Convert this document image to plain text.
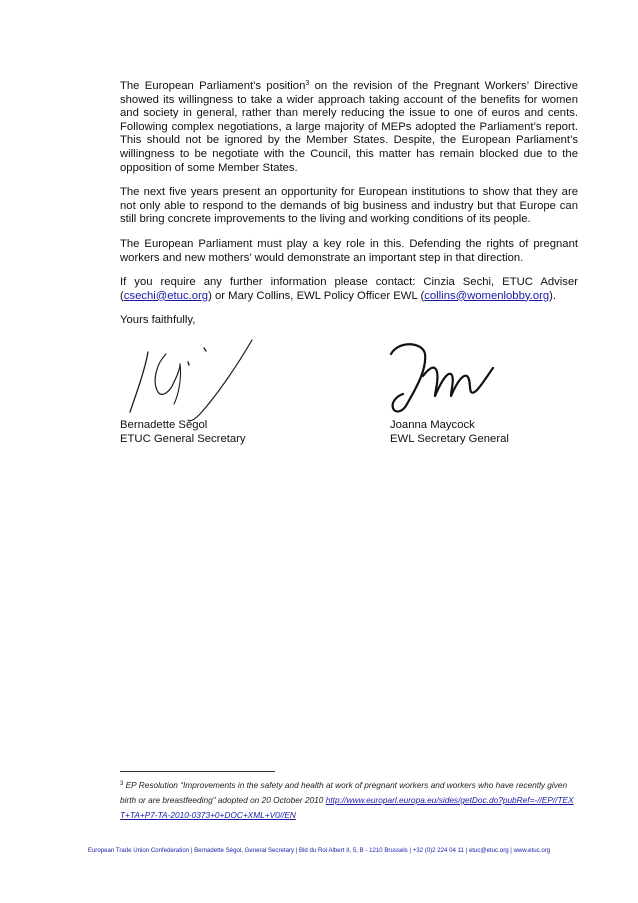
The European Parliament’s position$^3$ on the revision of the Pregnant Workers’ Directive showed its willingness to take a wider approach taking account of the benefits for women and society in general, rather than merely reducing the issue to one of euros and cents. Following complex negotiations, a large majority of MEPs adopted the Parliament’s report. This should not be ignored by the Member States. Despite, the European Parliament’s willingness to be negotiate with the Council, this matter has remain blocked due to the opposition of some Member States.

The next five years present an opportunity for European institutions to show that they are not only able to respond to the demands of big business and industry but that Europe can still bring concrete improvements to the living and working conditions of its people.

The European Parliament must play a key role in this. Defending the rights of pregnant workers and new mothers’ would demonstrate an important step in that direction.

If you require any further information please contact: Cinzia Sechi, ETUC Adviser (csechi@etuc.org) or Mary Collins, EWL Policy Officer EWL (collins@womenlobby.org).

Yours faithfully,

Bernadette Ségol
ETUC General Secretary
Joanna Maycock
EWL Secretary General
$^3$ EP Resolution “Improvements in the safety and health at work of pregnant workers and workers who have recently given birth or are breastfeeding” adopted on 20 October 2010 http://www.europarl.europa.eu/sides/getDoc.do?pubRef=-//EP//TEXT+TA+P7-TA-2010-0373+0+DOC+XML+V0//EN
European Trade Union Confederation | Bernadette Ségol, General Secretary | Bld du Roi Albert II, 5, B - 1210 Brussels | +32 (0)2 224 04 11 | etuc@etuc.org | www.etuc.org
